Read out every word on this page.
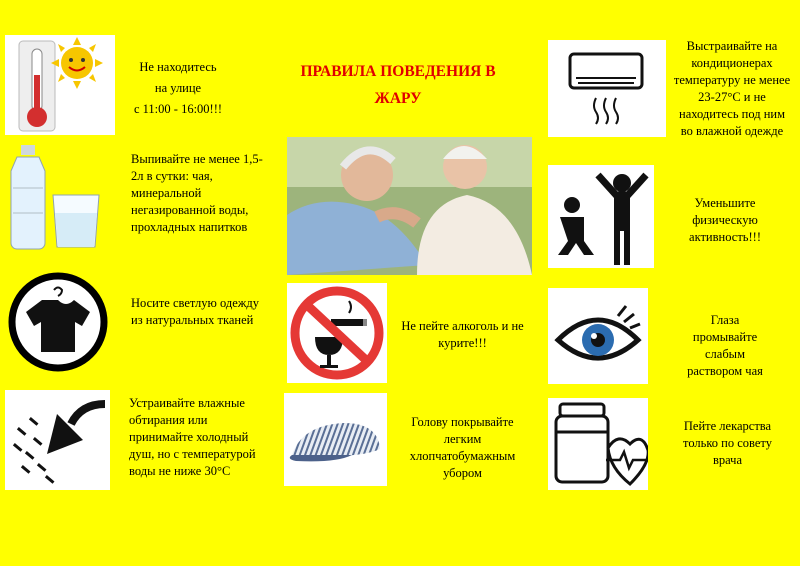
ПРАВИЛА ПОВЕДЕНИЯ В ЖАРУ
Не находитесь
на улице
с 11:00 - 16:00!!!
Выпивайте не менее 1,5-2л в сутки: чая, минеральной негазированной воды, прохладных напитков
Носите светлую одежду из натуральных тканей
Устраивайте влажные обтирания или принимайте холодный душ, но с температурой воды не ниже 30°С
Не пейте алкоголь и не курите!!!
Голову покрывайте легким хлопчатобумажным убором
Выстраивайте на кондиционерах температуру не менее 23-27°С и не находитесь под ним во влажной одежде
Уменьшите физическую активность!!!
Глаза промывайте слабым раствором чая
Пейте лекарства только по совету врача
